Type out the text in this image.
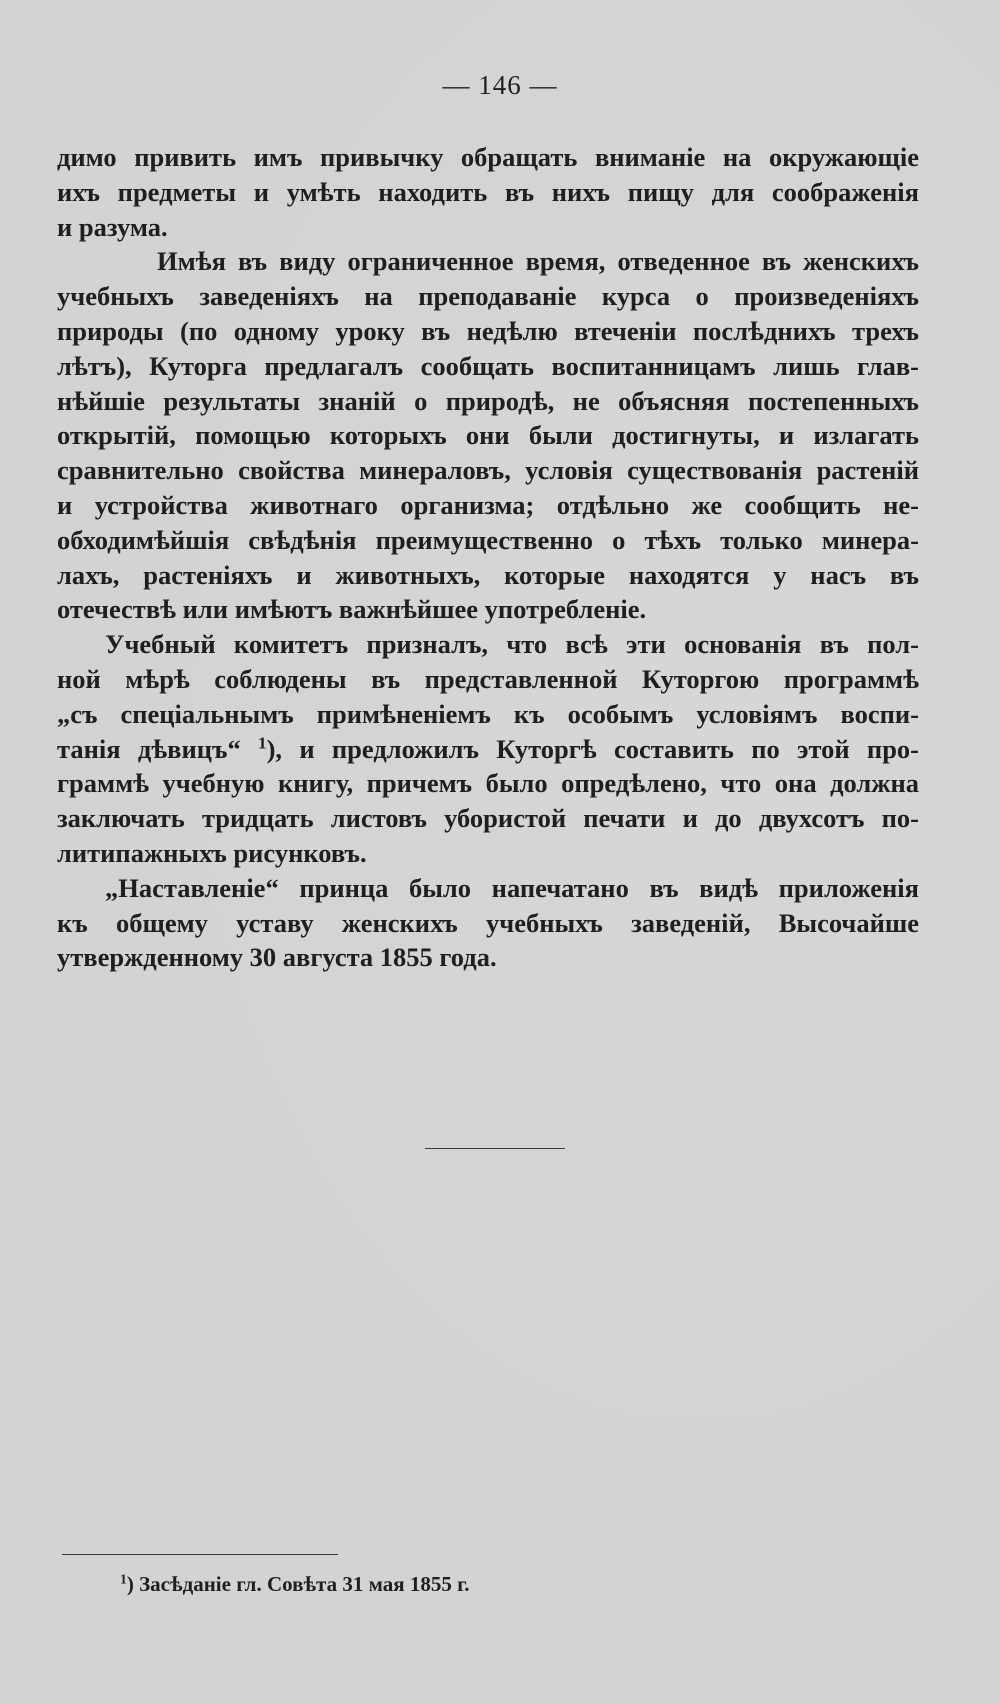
— 146 —

димо привить имъ привычку обращать вниманіе на окружающіе
ихъ предметы и умѣть находить въ нихъ пищу для соображенія
и разума.

Имѣя въ виду ограниченное время, отведенное въ женскихъ
учебныхъ заведеніяхъ на преподаваніе курса о произведеніяхъ
природы (по одному уроку въ недѣлю втеченіи послѣднихъ трехъ
лѣтъ), Куторга предлагалъ сообщать воспитанницамъ лишь глав-
нѣйшіе результаты знаній о природѣ, не объясняя постепенныхъ
открытій, помощью которыхъ они были достигнуты, и излагать
сравнительно свойства минераловъ, условія существованія растеній
и устройства животнаго организма; отдѣльно же сообщить не-
обходимѣйшія свѣдѣнія преимущественно о тѣхъ только минера-
лахъ, растеніяхъ и животныхъ, которые находятся у насъ въ
отечествѣ или имѣютъ важнѣйшее употребленіе.

Учебный комитетъ призналъ, что всѣ эти основанія въ пол-
ной мѣрѣ соблюдены въ представленной Куторгою программѣ
„съ спеціальнымъ примѣненіемъ къ особымъ условіямъ воспи-
танія дѣвицъ“ $^1$), и предложилъ Куторгѣ составить по этой про-
граммѣ учебную книгу, причемъ было опредѣлено, что она должна
заключать тридцать листовъ убористой печати и до двухсотъ по-
литипажныхъ рисунковъ.

„Наставленіе“ принца было напечатано въ видѣ приложенія
къ общему уставу женскихъ учебныхъ заведеній, Высочайше
утвержденному 30 августа 1855 года.

$^1$) Засѣданіе гл. Совѣта 31 мая 1855 г.
